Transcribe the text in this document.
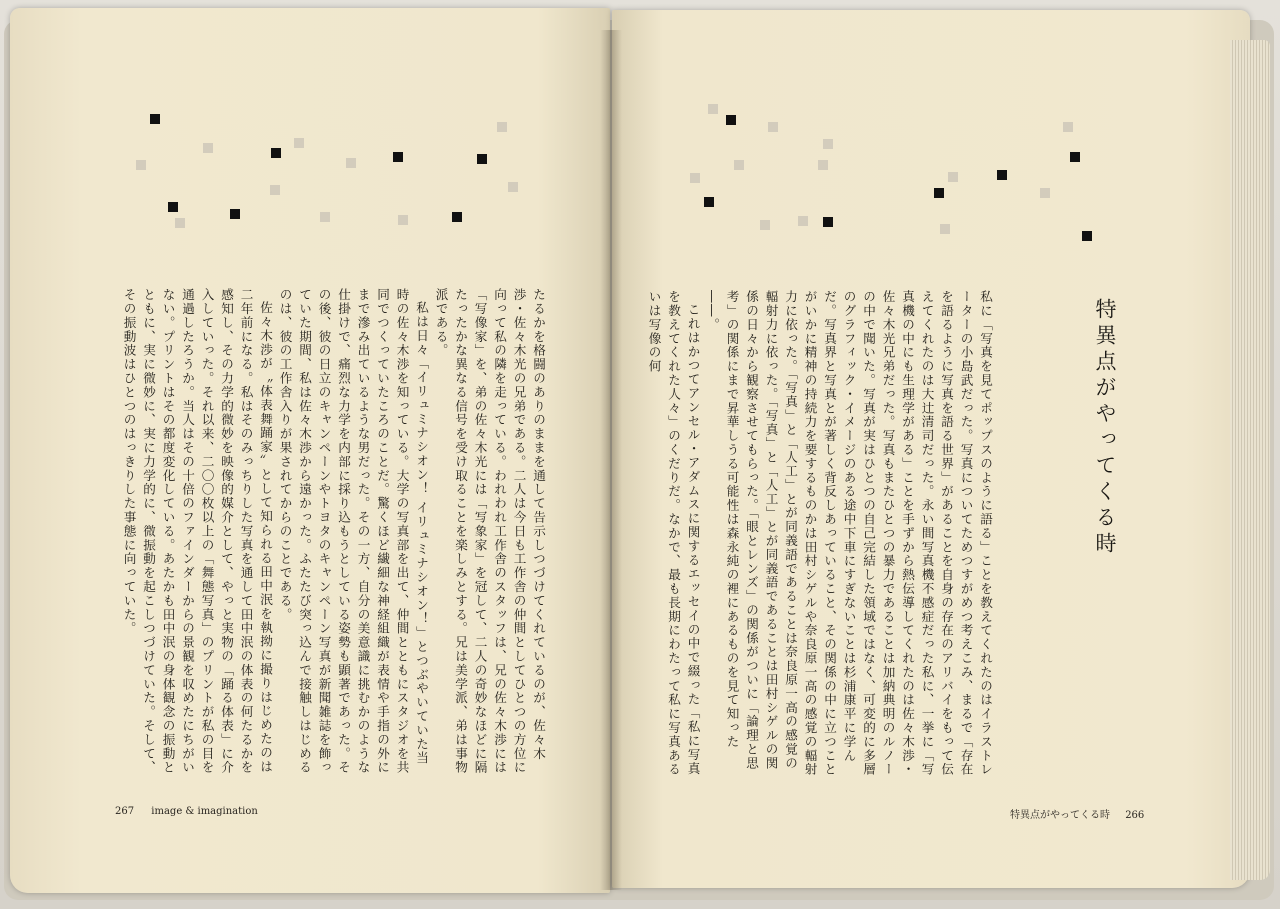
たるかを格闘のありのままを通して告示しつづけてくれているのが、佐々木渉・佐々木光の兄弟である。二人は今日も工作舎の仲間としてひとつの方位に向って私の隣を走っている。われわれ工作舎のスタッフは、兄の佐々木渉には「写像家」を、弟の佐々木光には「写象家」を冠して、二人の奇妙なほどに隔たったかな異なる信号を受け取ることを楽しみとする。兄は美学派、弟は事物派である。

私は日々「イリュミナシオン！ イリュミナシオン！」とつぶやいていた当時の佐々木渉を知っている。大学の写真部を出て、仲間とともにスタジオを共同でつくっていたころのことだ。驚くほど繊細な神経組織が表情や手指の外にまで滲み出ているような男だった。その一方、自分の美意識に挑むかのような仕掛けで、痛烈な力学を内部に採り込もうとしている姿勢も顕著であった。その後、彼の日立のキャンペーンやトヨタのキャンペーン写真が新聞雑誌を飾っていた期間、私は佐々木渉から遠かった。ふたたび突っ込んで接触しはじめるのは、彼の工作舎入りが果されてからのことである。

佐々木渉が〝体表舞踊家〟として知られる田中泯を執拗に撮りはじめたのは二年前になる。私はそのみっちりした写真を通して田中泯の体表の何たるかを感知し、その力学的微妙を映像的媒介として、やっと実物の「踊る体表」に介入していった。それ以来、二〇〇枚以上の「舞態写真」のプリントが私の目を通過したろうか。当人はその十倍のファインダーからの景観を収めたにちがいない。プリントはその都度変化している。あたかも田中泯の身体観念の振動とともに、実に微妙に、実に力学的に、微振動を起こしつづけていた。そして、その振動波はひとつのはっきりした事態に向っていた。	特異点がやってくる時

私に「写真を見てポップスのように語る」ことを教えてくれたのはイラストレーターの小島武だった。写真についてためつすがめつ考えこみ、まるで「存在を語るように写真を語る世界」があることを自身の存在のアリバイをもって伝えてくれたのは大辻清司だった。永い間写真機不感症だった私に、一挙に「写真機の中にも生理学がある」ことを手ずから熱伝導してくれたのは佐々木渉・佐々木光兄弟だった。写真もまたひとつの暴力であることは加納典明のルノーの中で聞いた。写真が実はひとつの自己完結した領域ではなく、可変的に多層のグラフィック・イメージのある途中下車にすぎないことは杉浦康平に学んだ。写真界と写真とが著しく背反しあっていること、その関係の中に立つことがいかに精神の持続力を要するものかは田村シゲルや奈良原一高の感覚の輻射力に依った。「写真」と「人工」とが同義語であることは奈良原一高の感覚の輻射力に依った。「写真」と「人工」とが同義語であることは田村シゲルの関係の日々から観察させてもらった。「眼とレンズ」の関係がついに「論理と思考」の関係にまで昇華しうる可能性は森永純の裡にあるものを見て知った――。

これはかつてアンセル・アダムスに関するエッセイの中で綴った「私に写真を教えてくれた人々」のくだりだ。なかで、最も長期にわたって私に写真あるいは写像の何

267 image & imagination	特異点がやってくる時 266
